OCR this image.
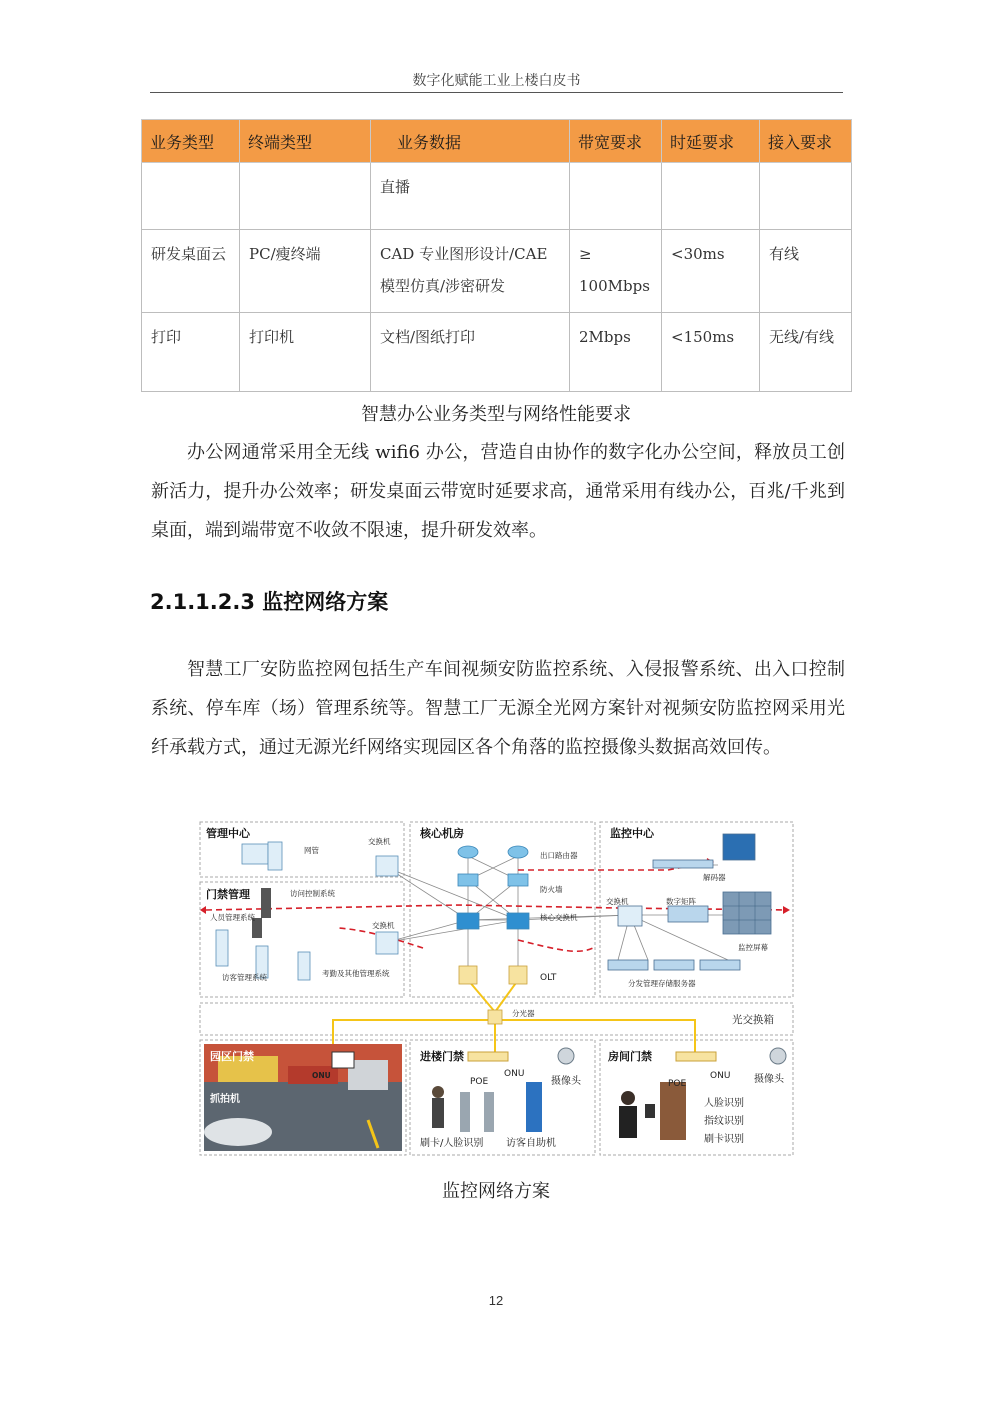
数字化赋能工业上楼白皮书
业务类型	终端类型	业务数据	带宽要求	时延要求	接入要求
		直播			
研发桌面云	PC/瘦终端	CAD 专业图形设计/CAE 模型仿真/涉密研发	≥ 100Mbps	<30ms	有线
打印	打印机	文档/图纸打印	2Mbps	<150ms	无线/有线
智慧办公业务类型与网络性能要求

办公网通常采用全无线 wifi6 办公，营造自由协作的数字化办公空间，释放员工创新活力，提升办公效率；研发桌面云带宽时延要求高，通常采用有线办公，百兆/千兆到桌面，端到端带宽不收敛不限速，提升研发效率。

2.1.1.2.3 监控网络方案

智慧工厂安防监控网包括生产车间视频安防监控系统、入侵报警系统、出入口控制系统、停车库（场）管理系统等。智慧工厂无源全光网方案针对视频安防监控网采用光纤承载方式，通过无源光纤网络实现园区各个角落的监控摄像头数据高效回传。

管理中心
门禁管理
核心机房	监控中心
园区门禁	进楼门禁	房间门禁
光交换箱
网管
交换机
访问控制系统
人员管理系统
交换机
访客管理系统	考勤及其他管理系统
出口路由器
防火墙
核心交换机
OLT
解码器
数字矩阵
交换机
监控屏幕
分发管理存储服务器
分光器
ONU
抓拍机
POE
ONU
摄像头
刷卡/人脸识别 访客自助机
POE
ONU 摄像头
人脸识别
指纹识别
刷卡识别
监控网络方案
12
